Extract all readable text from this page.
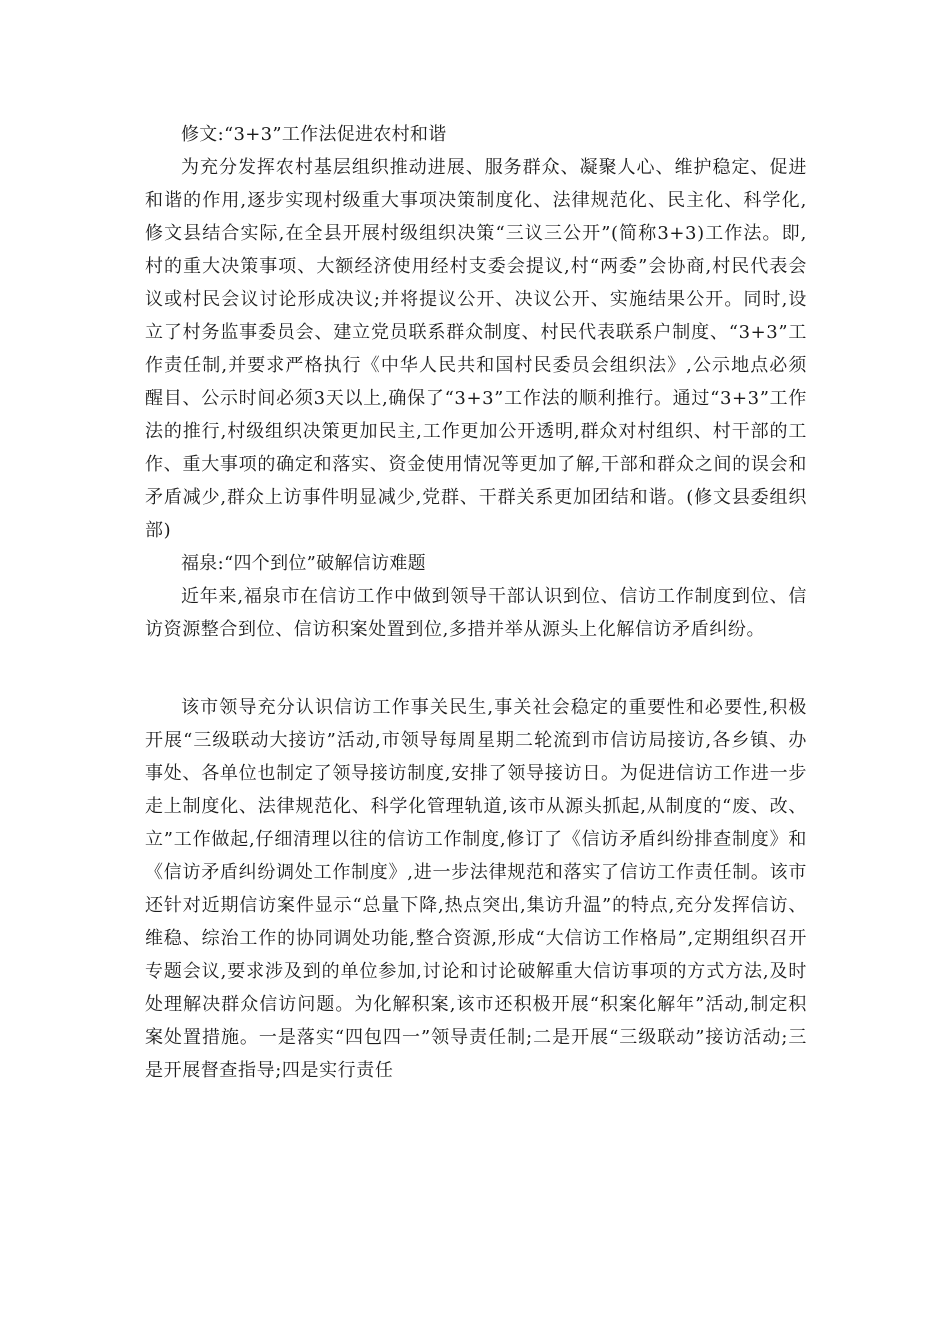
修文:“3+3”工作法促进农村和谐

为充分发挥农村基层组织推动进展、服务群众、凝聚人心、维护稳定、促进和谐的作用,逐步实现村级重大事项决策制度化、法律规范化、民主化、科学化,修文县结合实际,在全县开展村级组织决策“三议三公开”(简称3+3)工作法。即,村的重大决策事项、大额经济使用经村支委会提议,村“两委”会协商,村民代表会议或村民会议讨论形成决议;并将提议公开、决议公开、实施结果公开。同时,设立了村务监事委员会、建立党员联系群众制度、村民代表联系户制度、“3+3”工作责任制,并要求严格执行《中华人民共和国村民委员会组织法》,公示地点必须醒目、公示时间必须3天以上,确保了“3+3”工作法的顺利推行。通过“3+3”工作法的推行,村级组织决策更加民主,工作更加公开透明,群众对村组织、村干部的工作、重大事项的确定和落实、资金使用情况等更加了解,干部和群众之间的误会和矛盾减少,群众上访事件明显减少,党群、干群关系更加团结和谐。(修文县委组织部)

福泉:“四个到位”破解信访难题

近年来,福泉市在信访工作中做到领导干部认识到位、信访工作制度到位、信访资源整合到位、信访积案处置到位,多措并举从源头上化解信访矛盾纠纷。

该市领导充分认识信访工作事关民生,事关社会稳定的重要性和必要性,积极开展“三级联动大接访”活动,市领导每周星期二轮流到市信访局接访,各乡镇、办事处、各单位也制定了领导接访制度,安排了领导接访日。为促进信访工作进一步走上制度化、法律规范化、科学化管理轨道,该市从源头抓起,从制度的“废、改、立”工作做起,仔细清理以往的信访工作制度,修订了《信访矛盾纠纷排查制度》和《信访矛盾纠纷调处工作制度》,进一步法律规范和落实了信访工作责任制。该市还针对近期信访案件显示“总量下降,热点突出,集访升温”的特点,充分发挥信访、维稳、综治工作的协同调处功能,整合资源,形成“大信访工作格局”,定期组织召开专题会议,要求涉及到的单位参加,讨论和讨论破解重大信访事项的方式方法,及时处理解决群众信访问题。为化解积案,该市还积极开展“积案化解年”活动,制定积案处置措施。一是落实“四包四一”领导责任制;二是开展“三级联动”接访活动;三是开展督查指导;四是实行责任
